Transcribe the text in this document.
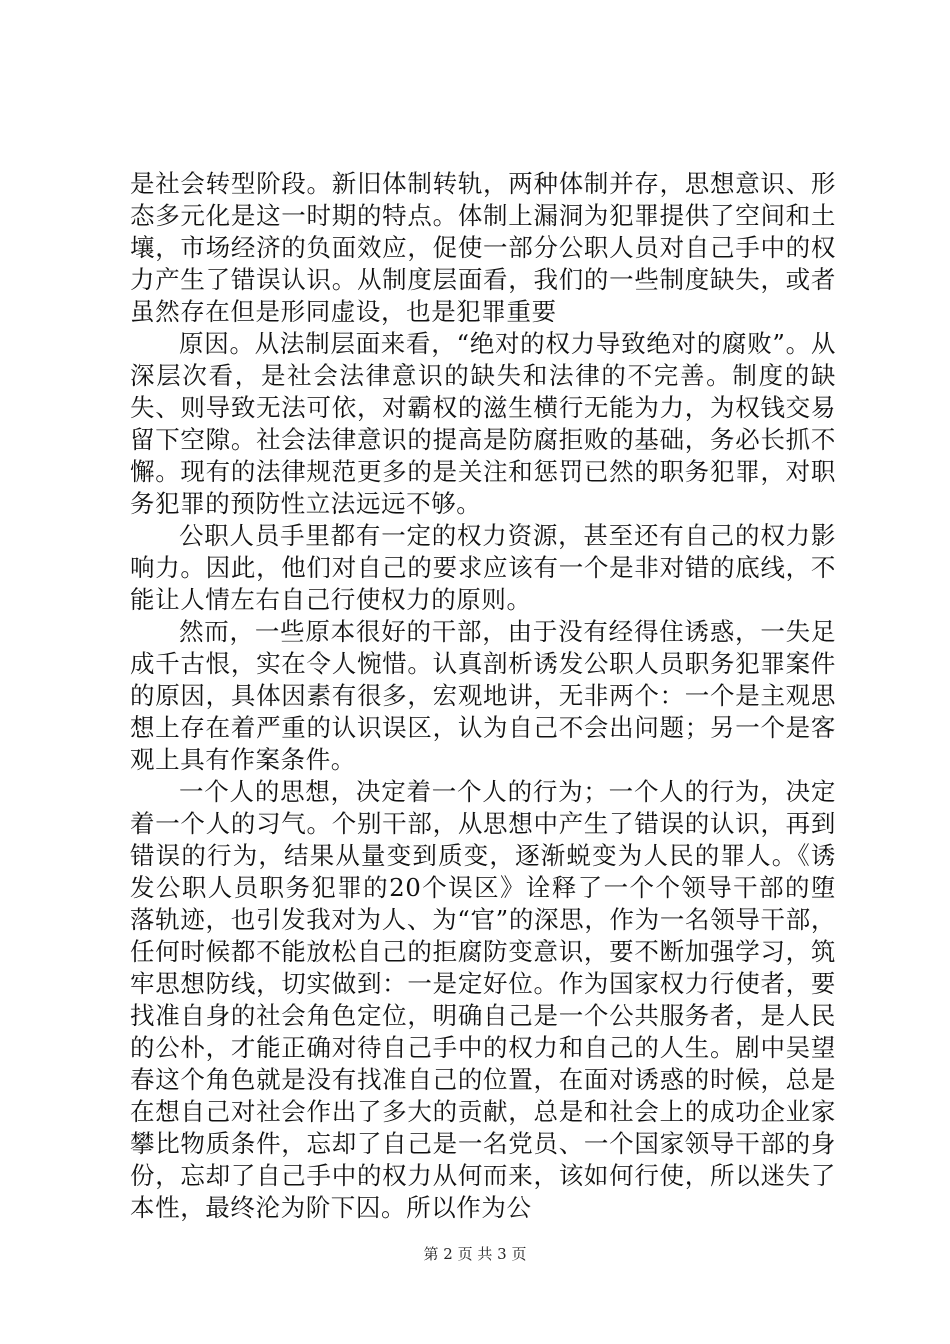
是社会转型阶段。新旧体制转轨，两种体制并存，思想意识、形态多元化是这一时期的特点。体制上漏洞为犯罪提供了空间和土壤，市场经济的负面效应，促使一部分公职人员对自己手中的权力产生了错误认识。从制度层面看，我们的一些制度缺失，或者虽然存在但是形同虚设，也是犯罪重要

原因。从法制层面来看，“绝对的权力导致绝对的腐败”。从深层次看，是社会法律意识的缺失和法律的不完善。制度的缺失、则导致无法可依，对霸权的滋生横行无能为力，为权钱交易留下空隙。社会法律意识的提高是防腐拒败的基础，务必长抓不懈。现有的法律规范更多的是关注和惩罚已然的职务犯罪，对职务犯罪的预防性立法远远不够。

公职人员手里都有一定的权力资源，甚至还有自己的权力影响力。因此，他们对自己的要求应该有一个是非对错的底线，不能让人情左右自己行使权力的原则。

然而，一些原本很好的干部，由于没有经得住诱惑，一失足成千古恨，实在令人惋惜。认真剖析诱发公职人员职务犯罪案件的原因，具体因素有很多，宏观地讲，无非两个：一个是主观思想上存在着严重的认识误区，认为自己不会出问题；另一个是客观上具有作案条件。

一个人的思想，决定着一个人的行为；一个人的行为，决定着一个人的习气。个别干部，从思想中产生了错误的认识，再到错误的行为，结果从量变到质变，逐渐蜕变为人民的罪人。《诱发公职人员职务犯罪的20个误区》诠释了一个个领导干部的堕落轨迹，也引发我对为人、为“官”的深思，作为一名领导干部，任何时候都不能放松自己的拒腐防变意识，要不断加强学习，筑牢思想防线，切实做到：一是定好位。作为国家权力行使者，要找准自身的社会角色定位，明确自己是一个公共服务者，是人民的公朴，才能正确对待自己手中的权力和自己的人生。剧中吴望春这个角色就是没有找准自己的位置，在面对诱惑的时候，总是在想自己对社会作出了多大的贡献，总是和社会上的成功企业家攀比物质条件，忘却了自己是一名党员、一个国家领导干部的身份，忘却了自己手中的权力从何而来，该如何行使，所以迷失了本性，最终沦为阶下囚。所以作为公

第 2 页 共 3 页
